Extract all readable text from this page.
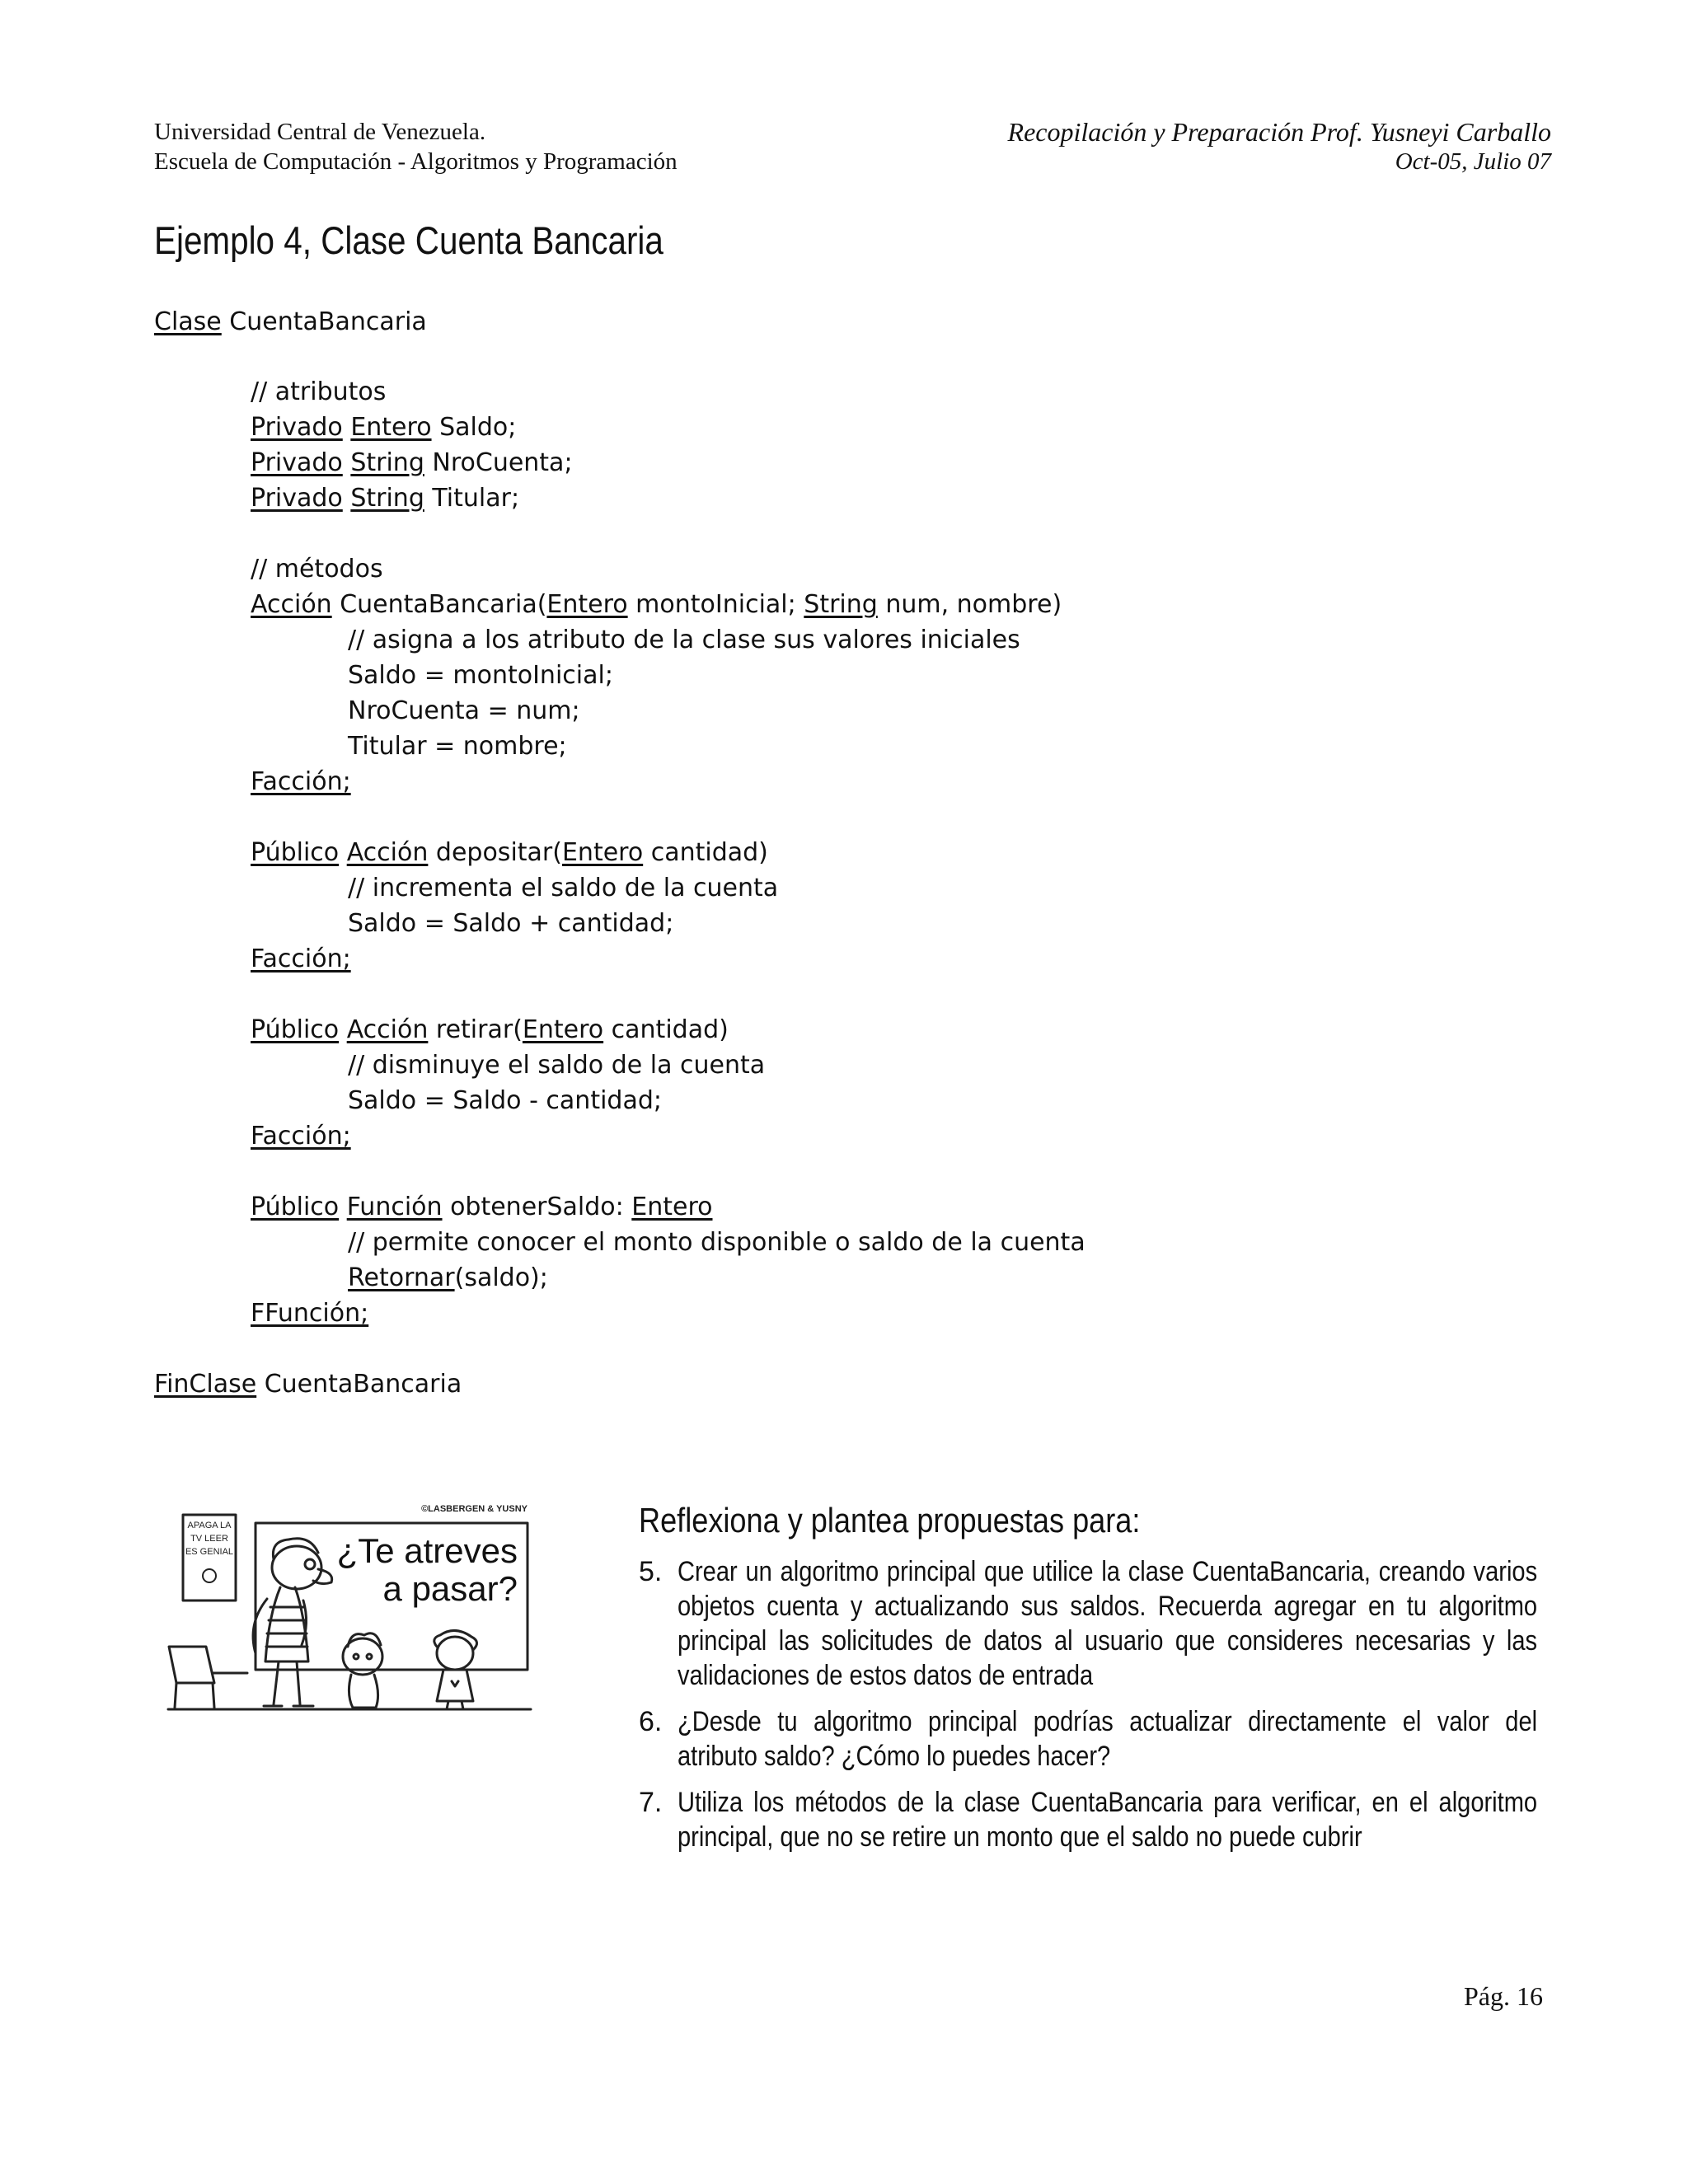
Universidad Central de Venezuela.
Escuela de Computación - Algoritmos y Programación
Recopilación y Preparación Prof. Yusneyi Carballo
Oct-05, Julio 07
Ejemplo 4, Clase Cuenta Bancaria
Clase CuentaBancaria
// atributos
Privado Entero Saldo;
Privado String NroCuenta;
Privado String Titular;
// métodos
Acción CuentaBancaria(Entero montoInicial; String num, nombre)
// asigna a los atributo de la clase sus valores iniciales
Saldo = montoInicial;
NroCuenta = num;
Titular = nombre;
Facción;
Público Acción depositar(Entero cantidad)
// incrementa el saldo de la cuenta
Saldo = Saldo + cantidad;
Facción;
Público Acción retirar(Entero cantidad)
// disminuye el saldo de la cuenta
Saldo = Saldo - cantidad;
Facción;
Público Función obtenerSaldo: Entero
// permite conocer el monto disponible o saldo de la cuenta
Retornar(saldo);
FFunción;
FinClase CuentaBancaria
APAGA LA
TV LEER
ES GENIAL
©LASBERGEN & YUSNY
¿Te atreves
a pasar?
Reflexiona y plantea propuestas para:
5. Crear un algoritmo principal que utilice la clase CuentaBancaria, creando varios objetos cuenta y actualizando sus saldos. Recuerda agregar en tu algoritmo principal las solicitudes de datos al usuario que consideres necesarias y las validaciones de estos datos de entrada
6. ¿Desde tu algoritmo principal podrías actualizar directamente el valor del atributo saldo? ¿Cómo lo puedes hacer?
7. Utiliza los métodos de la clase CuentaBancaria para verificar, en el algoritmo principal, que no se retire un monto que el saldo no puede cubrir
Pág. 16
